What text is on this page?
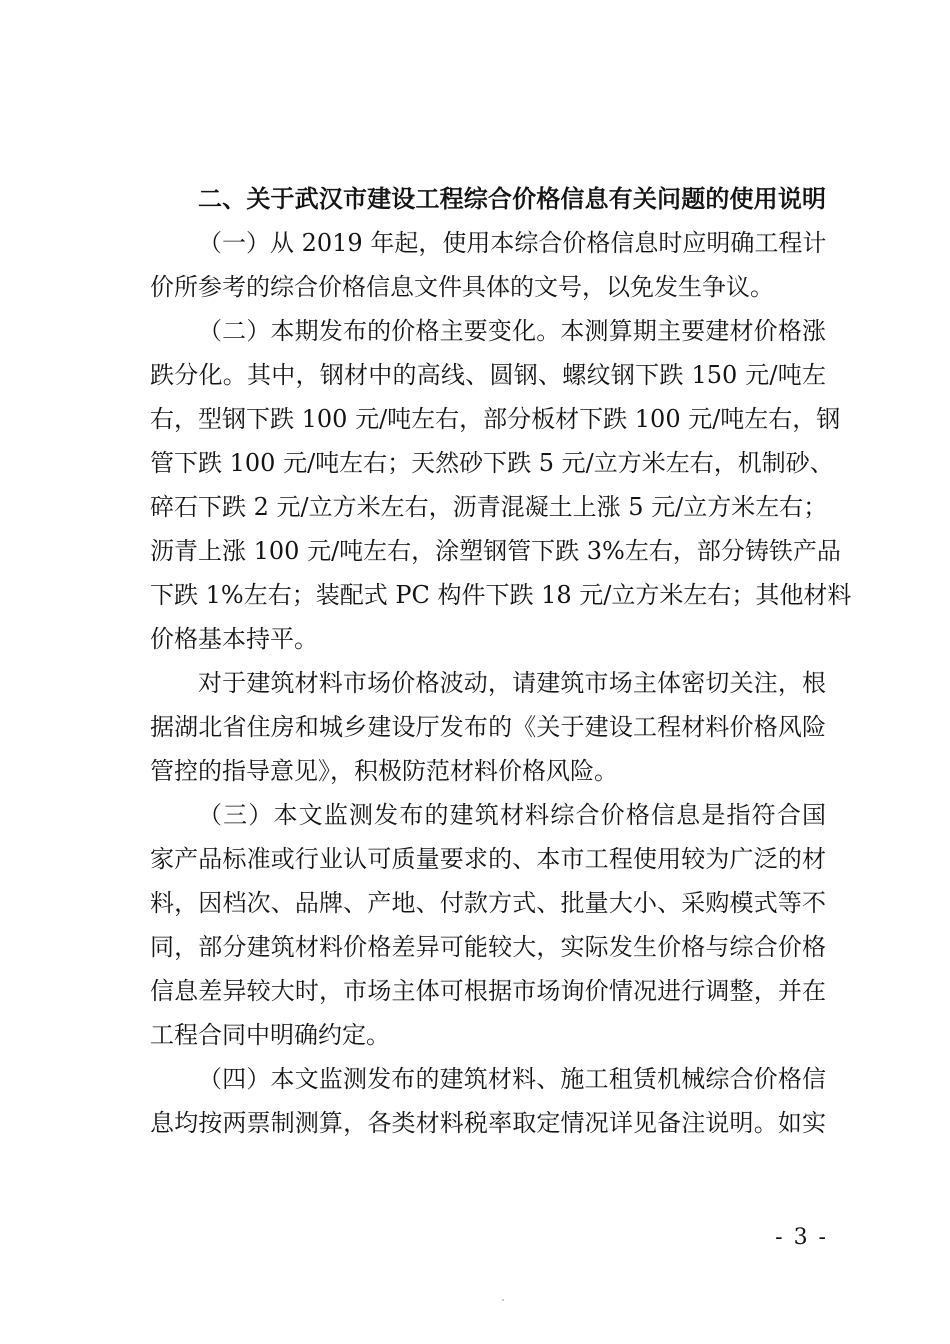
二、关于武汉市建设工程综合价格信息有关问题的使用说明
（一）从 2019 年起，使用本综合价格信息时应明确工程计
价所参考的综合价格信息文件具体的文号，以免发生争议。
（二）本期发布的价格主要变化。本测算期主要建材价格涨
跌分化。其中，钢材中的高线、圆钢、螺纹钢下跌 150 元/吨左
右，型钢下跌 100 元/吨左右，部分板材下跌 100 元/吨左右，钢
管下跌 100 元/吨左右；天然砂下跌 5 元/立方米左右，机制砂、
碎石下跌 2 元/立方米左右，沥青混凝土上涨 5 元/立方米左右；
沥青上涨 100 元/吨左右，涂塑钢管下跌 3%左右，部分铸铁产品
下跌 1%左右；装配式 PC 构件下跌 18 元/立方米左右；其他材料
价格基本持平。
对于建筑材料市场价格波动，请建筑市场主体密切关注，根
据湖北省住房和城乡建设厅发布的《关于建设工程材料价格风险
管控的指导意见》，积极防范材料价格风险。
（三）本文监测发布的建筑材料综合价格信息是指符合国
家产品标准或行业认可质量要求的、本市工程使用较为广泛的材
料，因档次、品牌、产地、付款方式、批量大小、采购模式等不
同，部分建筑材料价格差异可能较大，实际发生价格与综合价格
信息差异较大时，市场主体可根据市场询价情况进行调整，并在
工程合同中明确约定。
（四）本文监测发布的建筑材料、施工租赁机械综合价格信
息均按两票制测算，各类材料税率取定情况详见备注说明。如实
- 3 -
